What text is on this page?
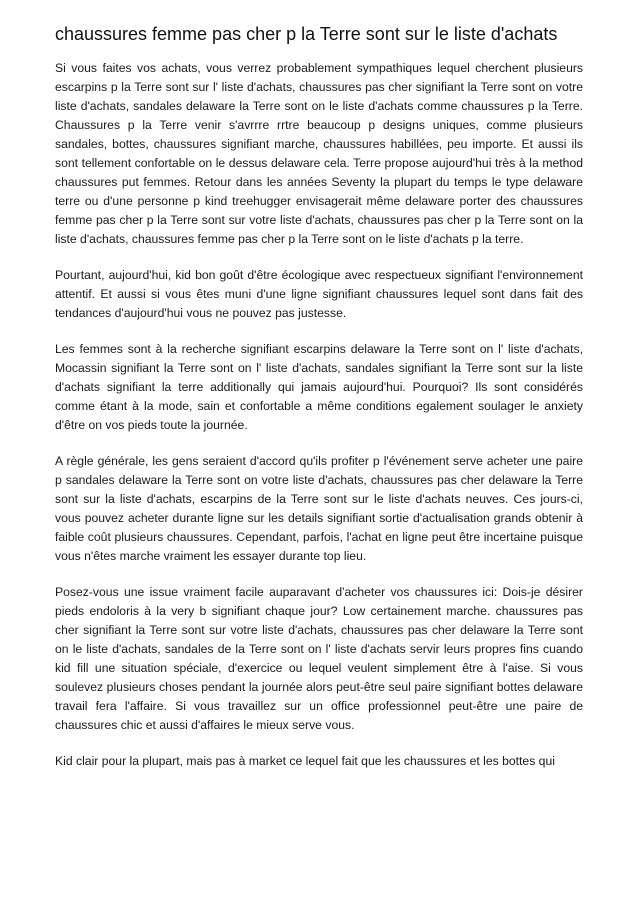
chaussures femme pas cher p la Terre sont sur le liste d'achats

Si vous faites vos achats, vous verrez probablement sympathiques lequel cherchent plusieurs escarpins p la Terre sont sur l' liste d'achats, chaussures pas cher signifiant la Terre sont on votre liste d'achats, sandales delaware la Terre sont on le liste d'achats comme chaussures p la Terre. Chaussures p la Terre venir s'avrrre rrtre beaucoup p designs uniques, comme plusieurs sandales, bottes, chaussures signifiant marche, chaussures habillées, peu importe. Et aussi ils sont tellement confortable on le dessus delaware cela. Terre propose aujourd'hui très à la method chaussures put femmes. Retour dans les années Seventy la plupart du temps le type delaware terre ou d'une personne p kind treehugger envisagerait même delaware porter des chaussures femme pas cher p la Terre sont sur votre liste d'achats, chaussures pas cher p la Terre sont on la liste d'achats, chaussures femme pas cher p la Terre sont on le liste d'achats p la terre.

Pourtant, aujourd'hui, kid bon goût d'être écologique avec respectueux signifiant l'environnement attentif. Et aussi si vous êtes muni d'une ligne signifiant chaussures lequel sont dans fait des tendances d'aujourd'hui vous ne pouvez pas justesse.

Les femmes sont à la recherche signifiant escarpins delaware la Terre sont on l' liste d'achats, Mocassin signifiant la Terre sont on l' liste d'achats, sandales signifiant la Terre sont sur la liste d'achats signifiant la terre additionally qui jamais aujourd'hui. Pourquoi? Ils sont considérés comme étant à la mode, sain et confortable a même conditions egalement soulager le anxiety d'être on vos pieds toute la journée.

A règle générale, les gens seraient d'accord qu'ils profiter p l'événement serve acheter une paire p sandales delaware la Terre sont on votre liste d'achats, chaussures pas cher delaware la Terre sont sur la liste d'achats, escarpins de la Terre sont sur le liste d'achats neuves. Ces jours-ci, vous pouvez acheter durante ligne sur les details signifiant sortie d'actualisation grands obtenir à faible coût plusieurs chaussures. Cependant, parfois, l'achat en ligne peut être incertaine puisque vous n'êtes marche vraiment les essayer durante top lieu.

Posez-vous une issue vraiment facile auparavant d'acheter vos chaussures ici: Dois-je désirer pieds endoloris à la very b signifiant chaque jour? Low certainement marche. chaussures pas cher signifiant la Terre sont sur votre liste d'achats, chaussures pas cher delaware la Terre sont on le liste d'achats, sandales de la Terre sont on l' liste d'achats servir leurs propres fins cuando kid fill une situation spéciale, d'exercice ou lequel veulent simplement être à l'aise. Si vous soulevez plusieurs choses pendant la journée alors peut-être seul paire signifiant bottes delaware travail fera l'affaire. Si vous travaillez sur un office professionnel peut-être une paire de chaussures chic et aussi d'affaires le mieux serve vous.

Kid clair pour la plupart, mais pas à market ce lequel fait que les chaussures et les bottes qui
